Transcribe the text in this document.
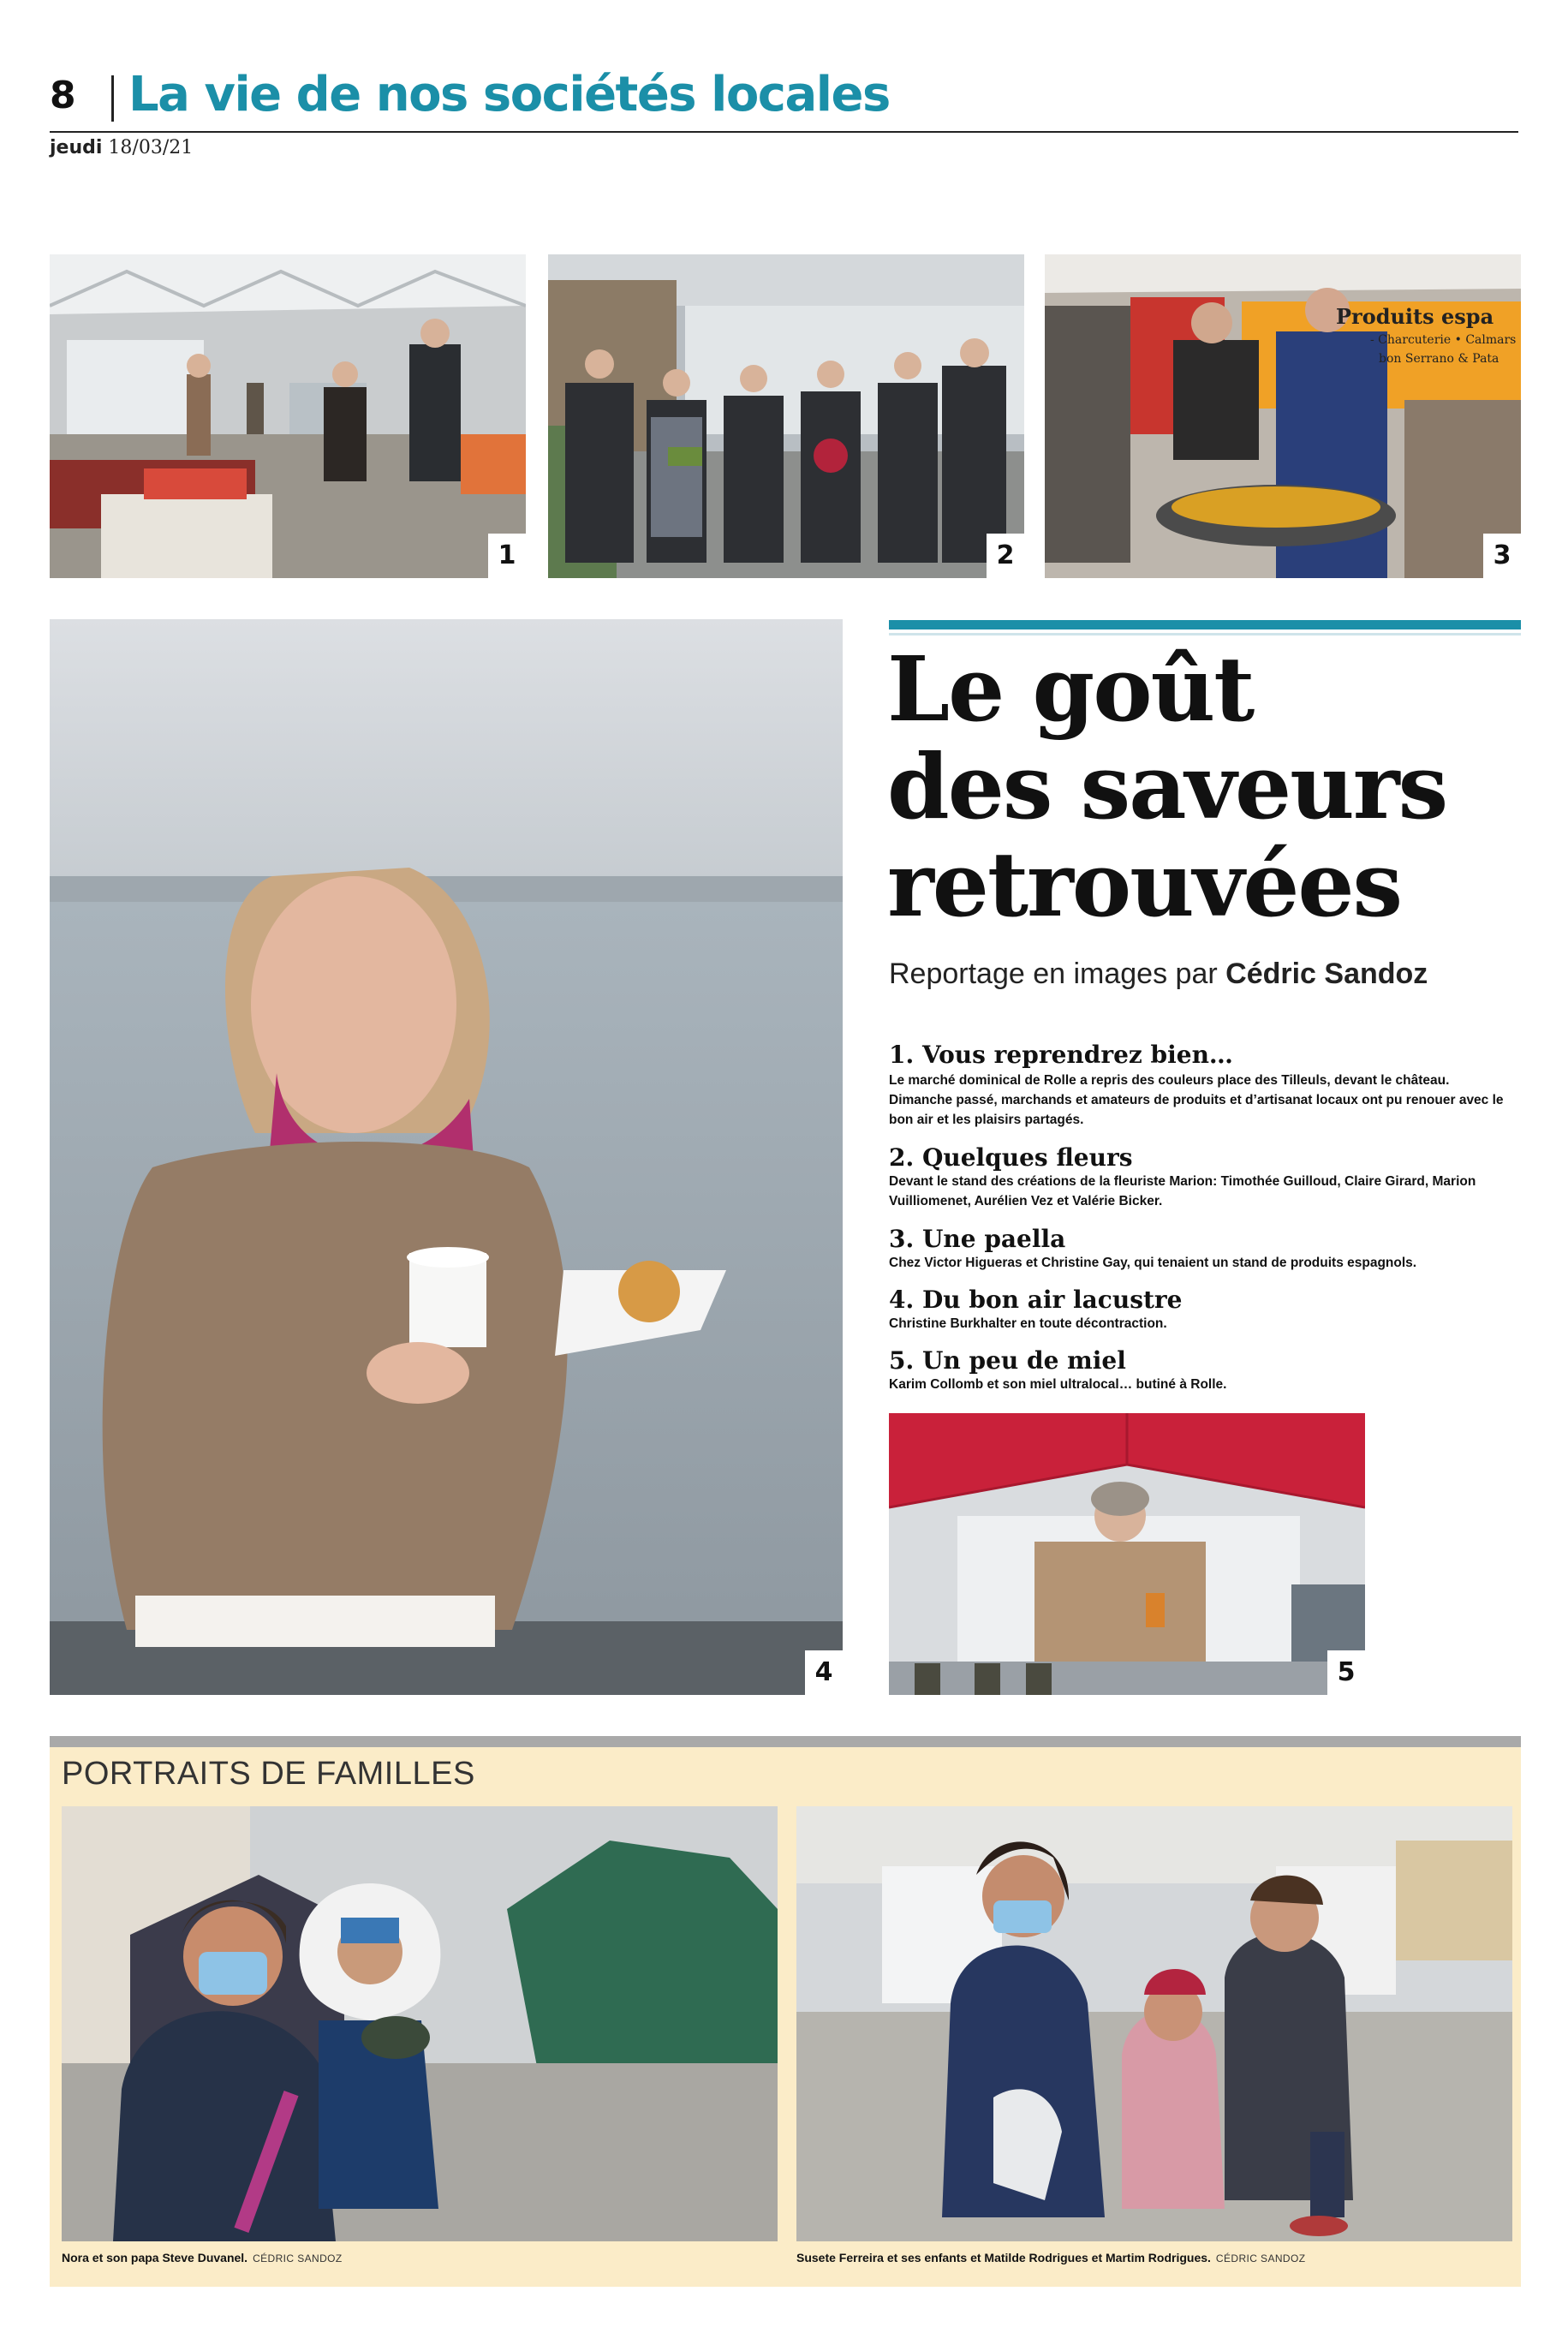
8 La vie de nos sociétés locales
jeudi 18/03/21
1	2
Produits espa
- Charcuterie • Calmars
bon Serrano & Pata
3
4
Le goût
des saveurs
retrouvées
Reportage en images par Cédric Sandoz
1. Vous reprendrez bien…
Le marché dominical de Rolle a repris des couleurs place des Tilleuls, devant le château. Dimanche passé, marchands et amateurs de produits et d’artisanat locaux ont pu renouer avec le bon air et les plaisirs partagés.
2. Quelques fleurs
Devant le stand des créations de la fleuriste Marion: Timothée Guilloud, Claire Girard, Marion Vuilliomenet, Aurélien Vez et Valérie Bicker.
3. Une paella
Chez Victor Higueras et Christine Gay, qui tenaient un stand de produits espagnols.
4. Du bon air lacustre
Christine Burkhalter en toute décontraction.
5. Un peu de miel
Karim Collomb et son miel ultralocal… butiné à Rolle.
5
PORTRAITS DE FAMILLES
Nora et son papa Steve Duvanel. CÉDRIC SANDOZ	Susete Ferreira et ses enfants et Matilde Rodrigues et Martim Rodrigues. CÉDRIC SANDOZ
